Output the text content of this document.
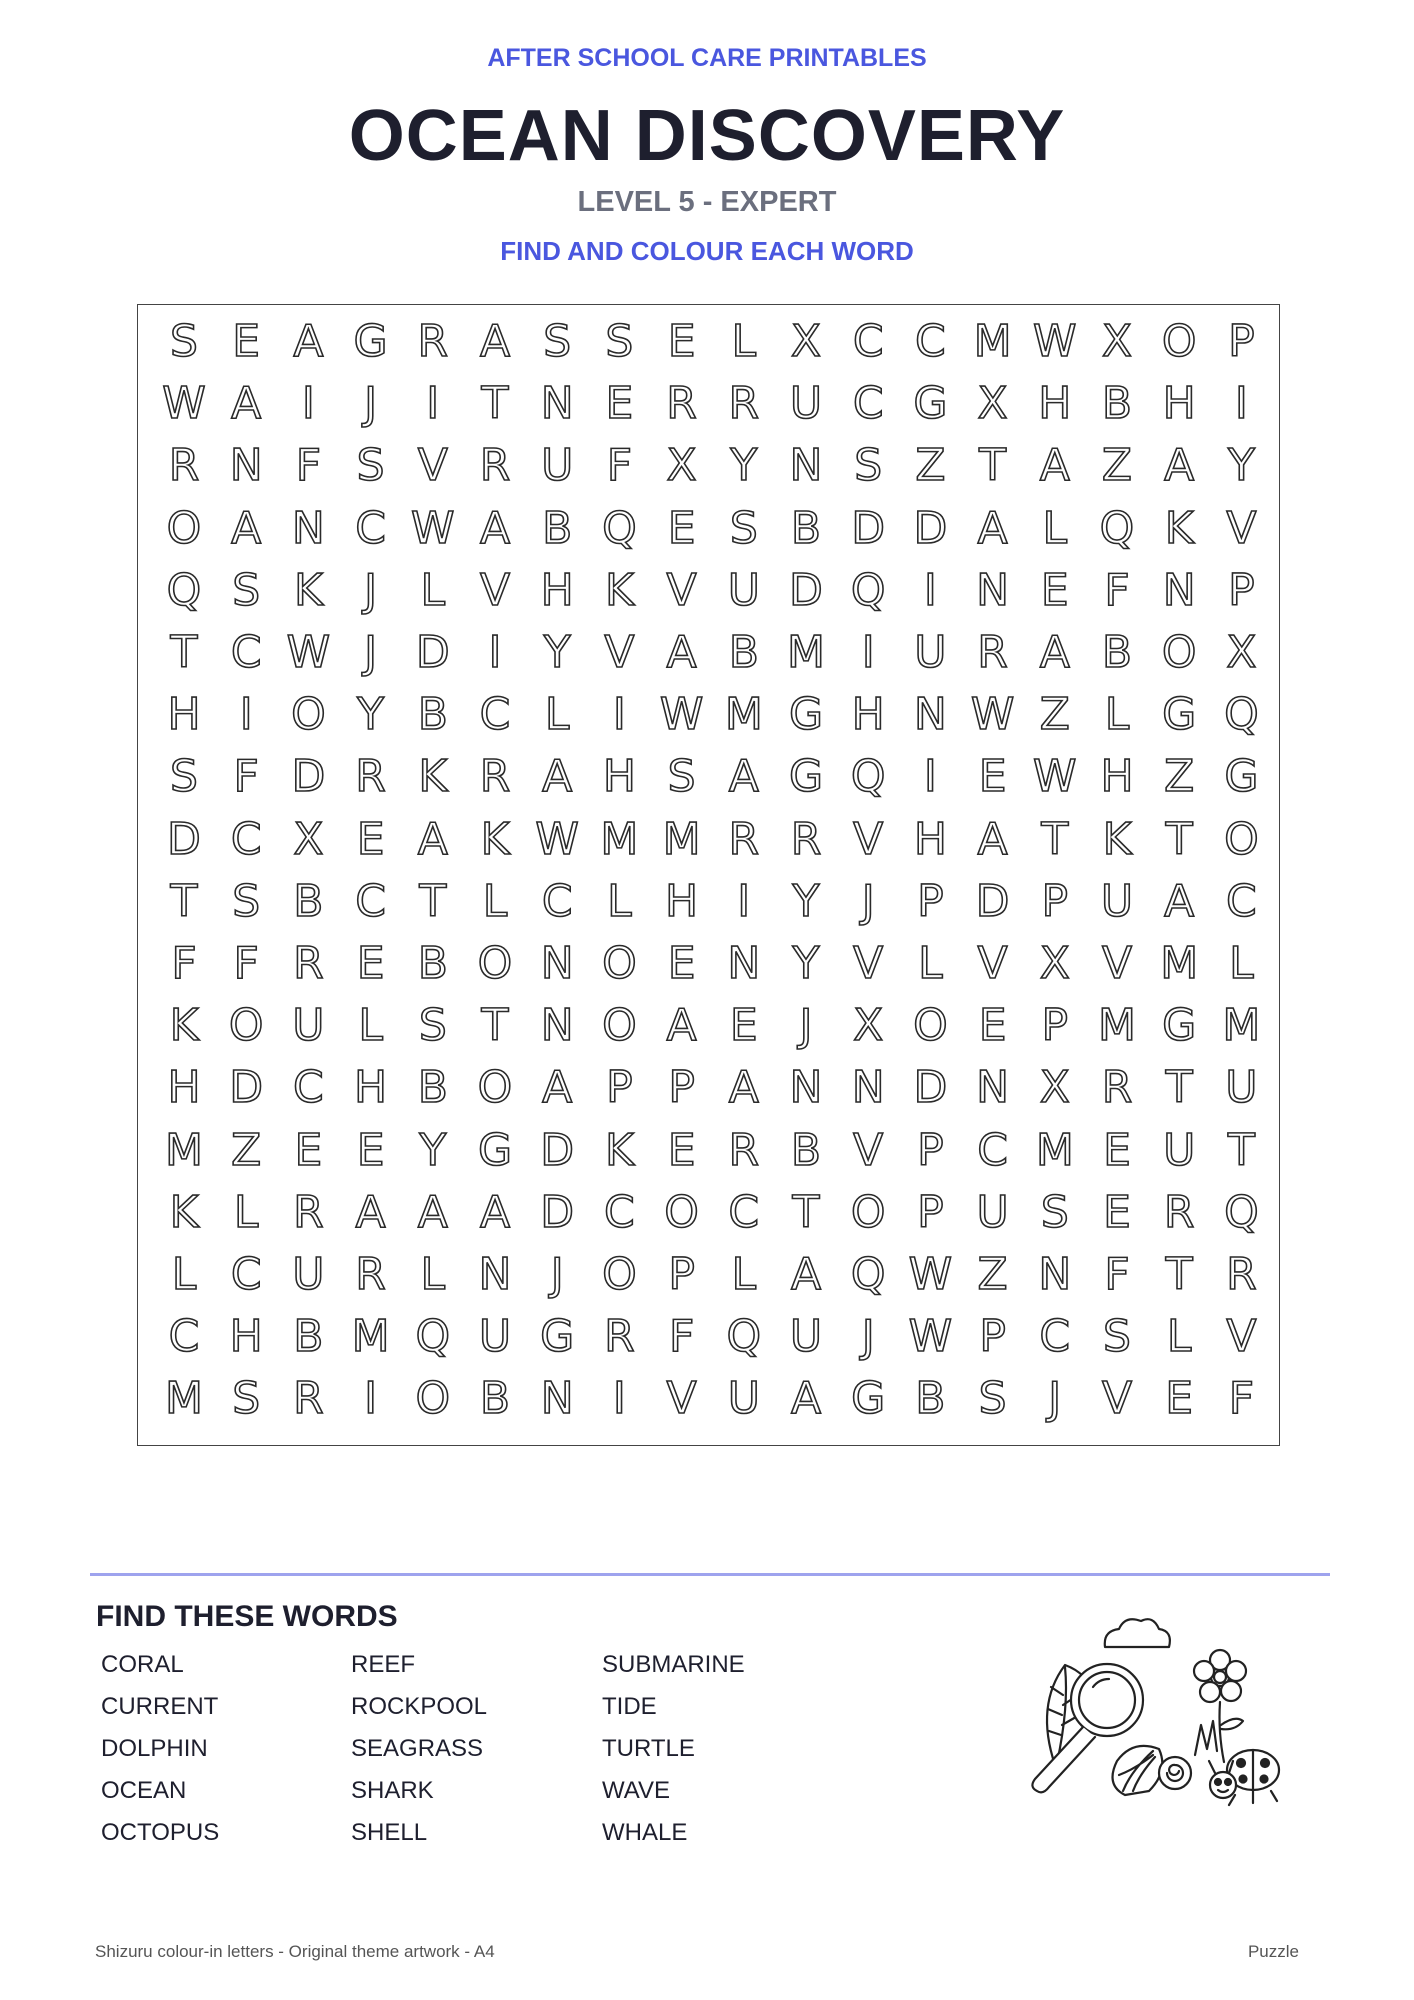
AFTER SCHOOL CARE PRINTABLES
OCEAN DISCOVERY
LEVEL 5 - EXPERT
FIND AND COLOUR EACH WORD
S E A G R A S S E L X C C M W X O P
W A I	J	I T N E R R U C G X H B H I
R N F S V R U F X Y N S Z T A Z A Y
O A N C W A B Q E S B D D A L Q K V
Q S K J L V H K V U D Q I N E F N P
T C W J D I Y V A B M I U R A B O X
H I O Y B C L I W M G H N W Z L G Q
S F D R K R A H S A G Q I E W H Z G
D C X E A K W M M R R V H A T K T O
T S B C T L C L H I Y J P D P U A C
F F R E B O N O E N Y V L V X V M L
K O U L S T N O A E J X O E P M G M
H D C H B O A P P A N N D N X R T U
M Z E E Y G D K E R B V P C M E U T
K L R A A A D C O C T O P U S E R Q
L C U R L N J O P L A Q W Z N F T R
C H B M Q U G R F Q U J W P C S L V
M S R I O B N I V U A G B S J V E F
FIND THESE WORDS
CORAL
CURRENT
DOLPHIN
OCEAN
OCTOPUS
REEF
ROCKPOOL
SEAGRASS
SHARK
SHELL
SUBMARINE
TIDE
TURTLE
WAVE
WHALE
Shizuru colour-in letters - Original theme artwork - A4	Puzzle
